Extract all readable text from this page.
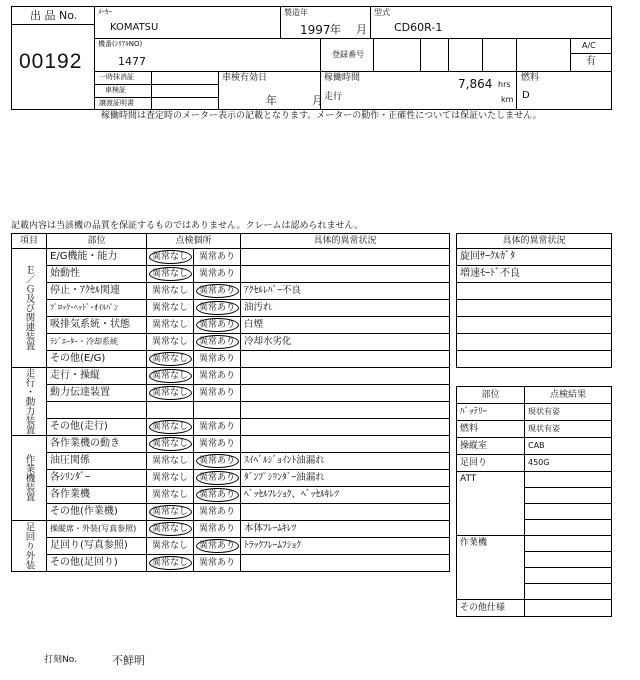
出 品 No.
00192
ﾒｰｶｰ
KOMATSU
製造年
1997 年 月
型式
CD60R-1
機番(ｼﾘｱﾙNO)
1477
登録番号
A/C
有
一時抹消証
車検証
譲渡証明書
車検有効日
年	月
稼働時間	7,864 hrs
km
走行
燃料
D
稼働時間は査定時のメーター表示の記載となります。メーターの動作・正確性については保証いたしません。
記載内容は当該機の品質を保証するものではありません。クレームは認められません。
項目	部位	点検個所		具体的異常状況

Ｅ／Ｇ及び関連装置	E/G機能・能力	異常なし	異常あり	
	始動性	異常なし	異常あり	
	停止・ｱｸｾﾙ関連	異常なし	異常あり	ｱｸｾﾙﾚﾊﾞｰ不良
	ﾌﾞﾛｯｸ･ﾍｯﾄﾞ･ｵｲﾙﾊﾟﾝ	異常なし	異常あり	油汚れ
	吸排気系統・状態	異常なし	異常あり	白煙
	ﾗｼﾞｴｰﾀｰ・冷却系統	異常なし	異常あり	冷却水劣化
	その他(E/G)	異常なし	異常あり	

走行・動力装置	走行・操縦	異常なし	異常あり	
	動力伝達装置	異常なし	異常あり	

	その他(走行)	異常なし	異常あり	

作業機装置	各作業機の動き	異常なし	異常あり	
	油圧関係	異常なし	異常あり	ｽｲﾍﾞﾙｼﾞｮｲﾝﾄ油漏れ
	各ｼﾘﾝﾀﾞｰ	異常なし	異常あり	ﾀﾞﾝﾌﾟｼﾘﾝﾀﾞｰ油漏れ
	各作業機	異常なし	異常あり	ﾍﾞｯｾﾙﾌﾚｼｮｸ、ﾍﾞｯｾﾙｷﾚﾂ
	その他(作業機)	異常なし	異常あり	

足回り外装	操縦席・外装(写真参照)	異常なし	異常あり	本体ﾌﾚｰﾑｷﾚﾂ
	足回り(写真参照)	異常なし	異常あり	ﾄﾗｯｸﾌﾚｰﾑﾌｼｮｸ
	その他(足回り)	異常なし	異常あり	
具体的異常状況
旋回ｻｰｸﾙｶﾞﾀ
増速ﾓｰﾄﾞ不良

部位	点検結果
ﾊﾞｯﾃﾘｰ	現状有姿
燃料	現状有姿
操縦室	CAB
足回り	450G
ATT	

作業機	

その他仕様	
打刻No.	不鮮明
